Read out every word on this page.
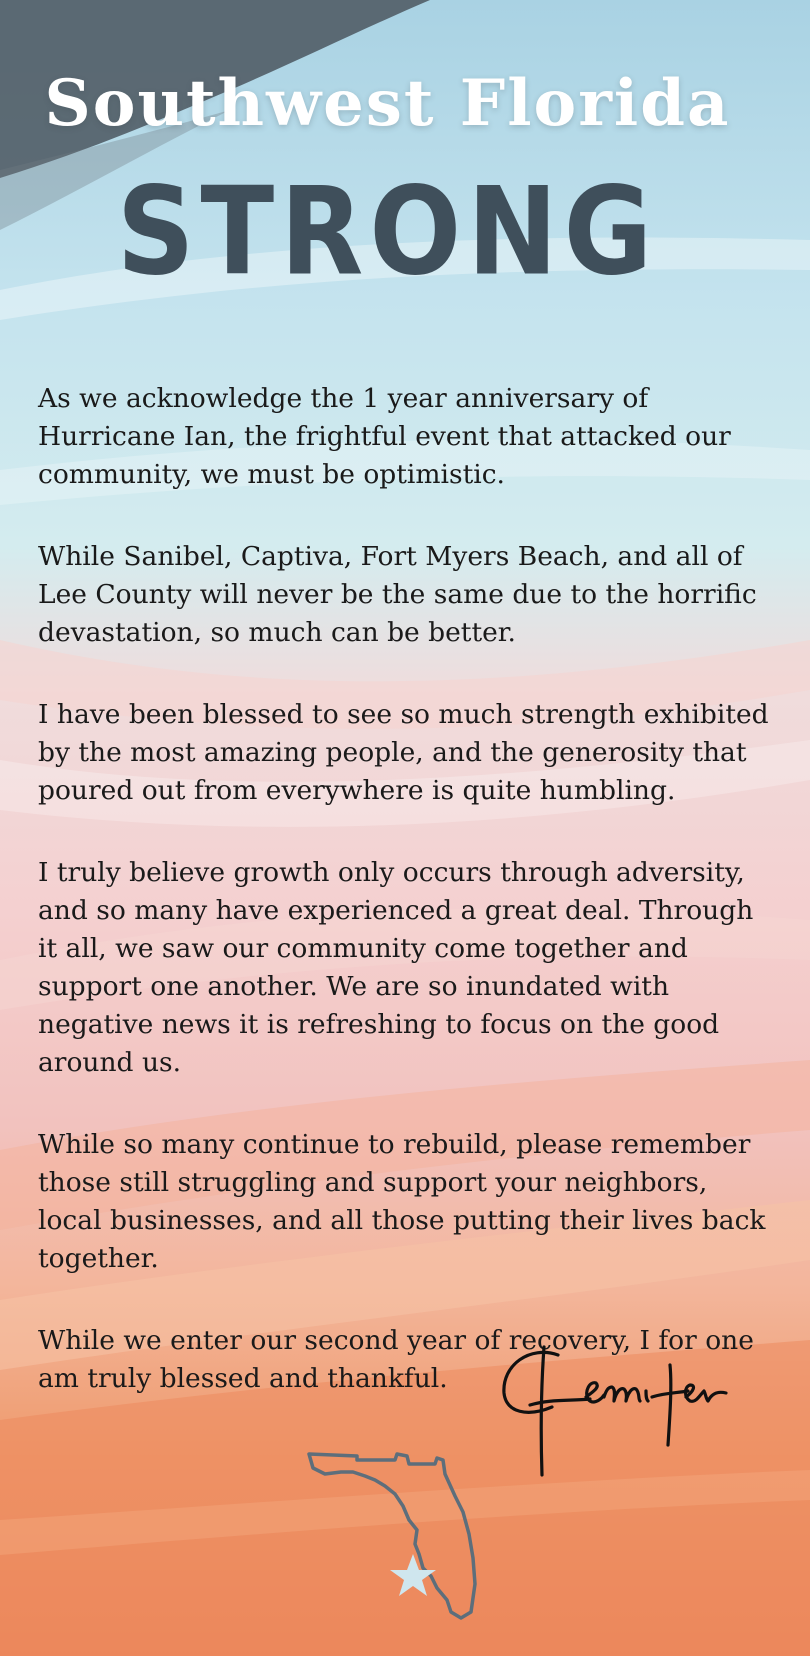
Southwest Florida
STRONG

As we acknowledge the 1 year anniversary of Hurricane Ian, the frightful event that attacked our community, we must be optimistic.

While Sanibel, Captiva, Fort Myers Beach, and all of Lee County will never be the same due to the horrific devastation, so much can be better.

I have been blessed to see so much strength exhibited by the most amazing people, and the generosity that poured out from everywhere is quite humbling.

I truly believe growth only occurs through adversity, and so many have experienced a great deal. Through it all, we saw our community come together and support one another. We are so inundated with negative news it is refreshing to focus on the good around us.

While so many continue to rebuild, please remember those still struggling and support your neighbors, local businesses, and all those putting their lives back together.

While we enter our second year of recovery, I for one am truly blessed and thankful.
